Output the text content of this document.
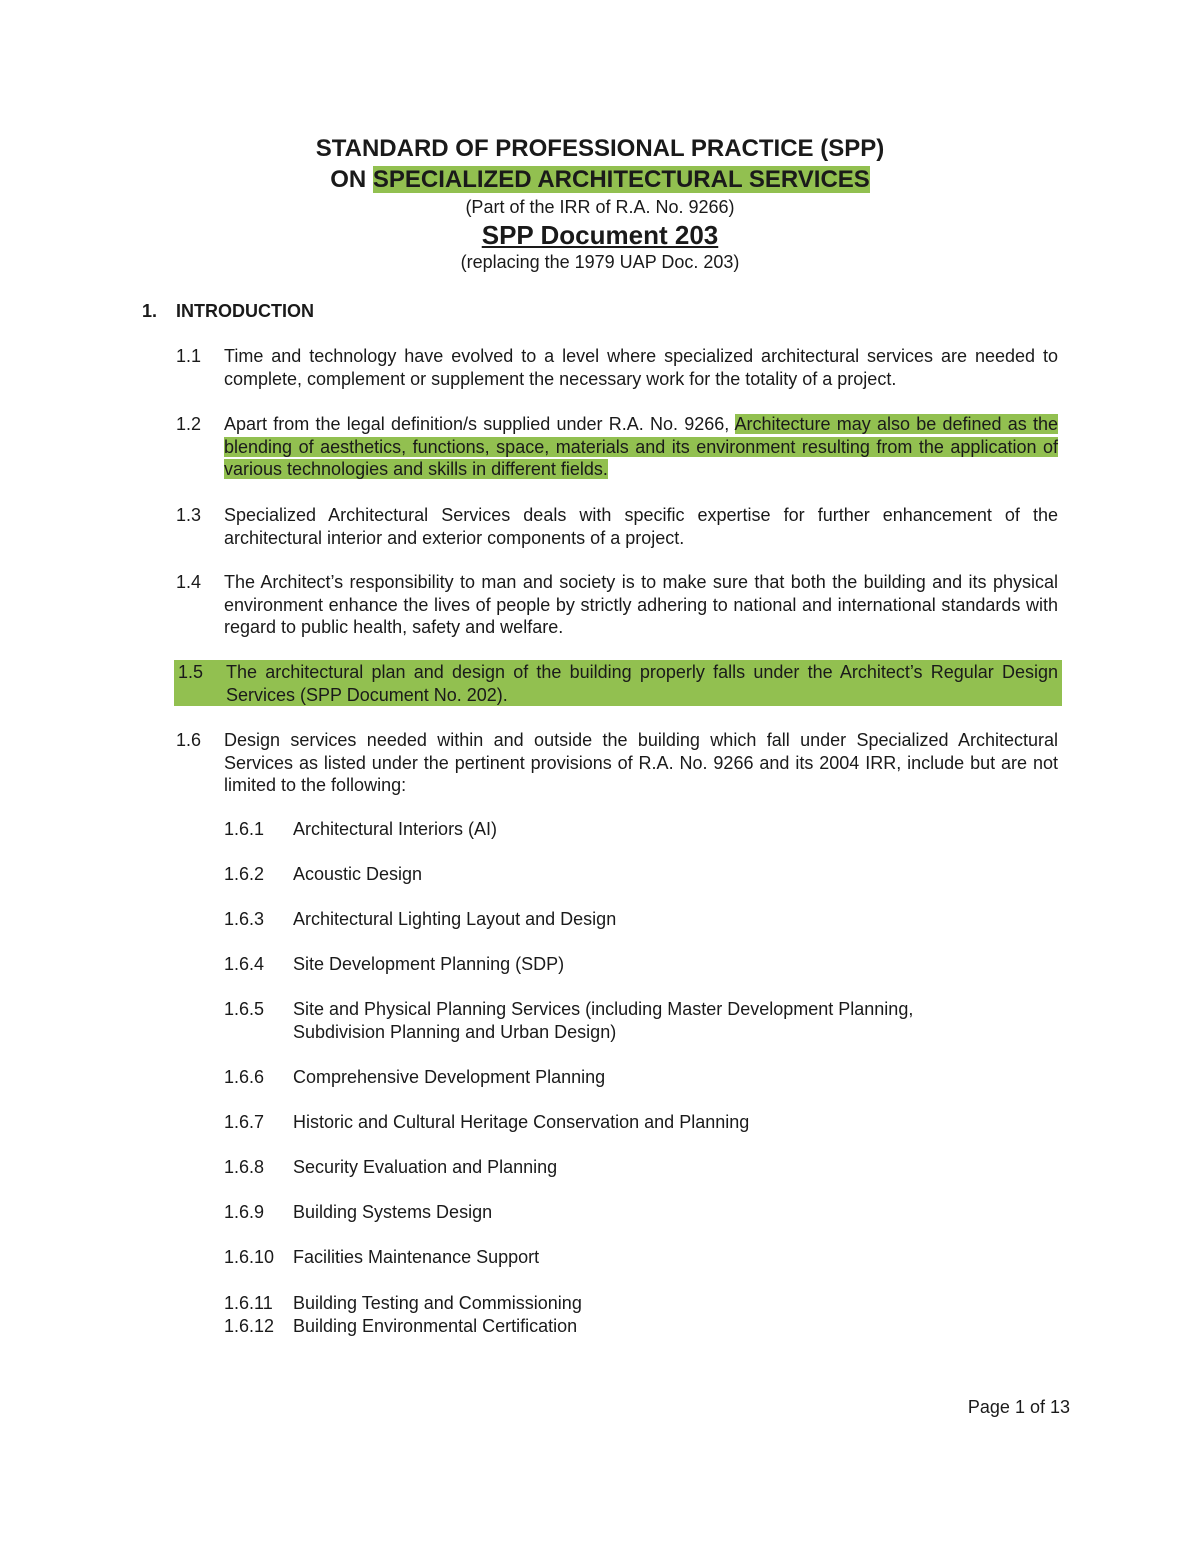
STANDARD OF PROFESSIONAL PRACTICE (SPP)
ON SPECIALIZED ARCHITECTURAL SERVICES
(Part of the IRR of R.A. No. 9266)
SPP Document 203
(replacing the 1979 UAP Doc. 203)
1. INTRODUCTION
1.1	Time and technology have evolved to a level where specialized architectural services are needed to complete, complement or supplement the necessary work for the totality of a project.
1.2	Apart from the legal definition/s supplied under R.A. No. 9266, Architecture may also be defined as the blending of aesthetics, functions, space, materials and its environment resulting from the application of various technologies and skills in different fields.
1.3	Specialized Architectural Services deals with specific expertise for further enhancement of the architectural interior and exterior components of a project.
1.4	The Architect’s responsibility to man and society is to make sure that both the building and its physical environment enhance the lives of people by strictly adhering to national and international standards with regard to public health, safety and welfare.
1.5	The architectural plan and design of the building properly falls under the Architect’s Regular Design Services (SPP Document No. 202).
1.6	Design services needed within and outside the building which fall under Specialized Architectural Services as listed under the pertinent provisions of R.A. No. 9266 and its 2004 IRR, include but are not limited to the following:
1.6.1	Architectural Interiors (AI)
1.6.2	Acoustic Design
1.6.3	Architectural Lighting Layout and Design
1.6.4	Site Development Planning (SDP)
1.6.5	Site and Physical Planning Services (including Master Development Planning, Subdivision Planning and Urban Design)
1.6.6	Comprehensive Development Planning
1.6.7	Historic and Cultural Heritage Conservation and Planning
1.6.8	Security Evaluation and Planning
1.6.9	Building Systems Design
1.6.10	Facilities Maintenance Support
1.6.11	Building Testing and Commissioning
1.6.12	Building Environmental Certification
Page 1 of 13
